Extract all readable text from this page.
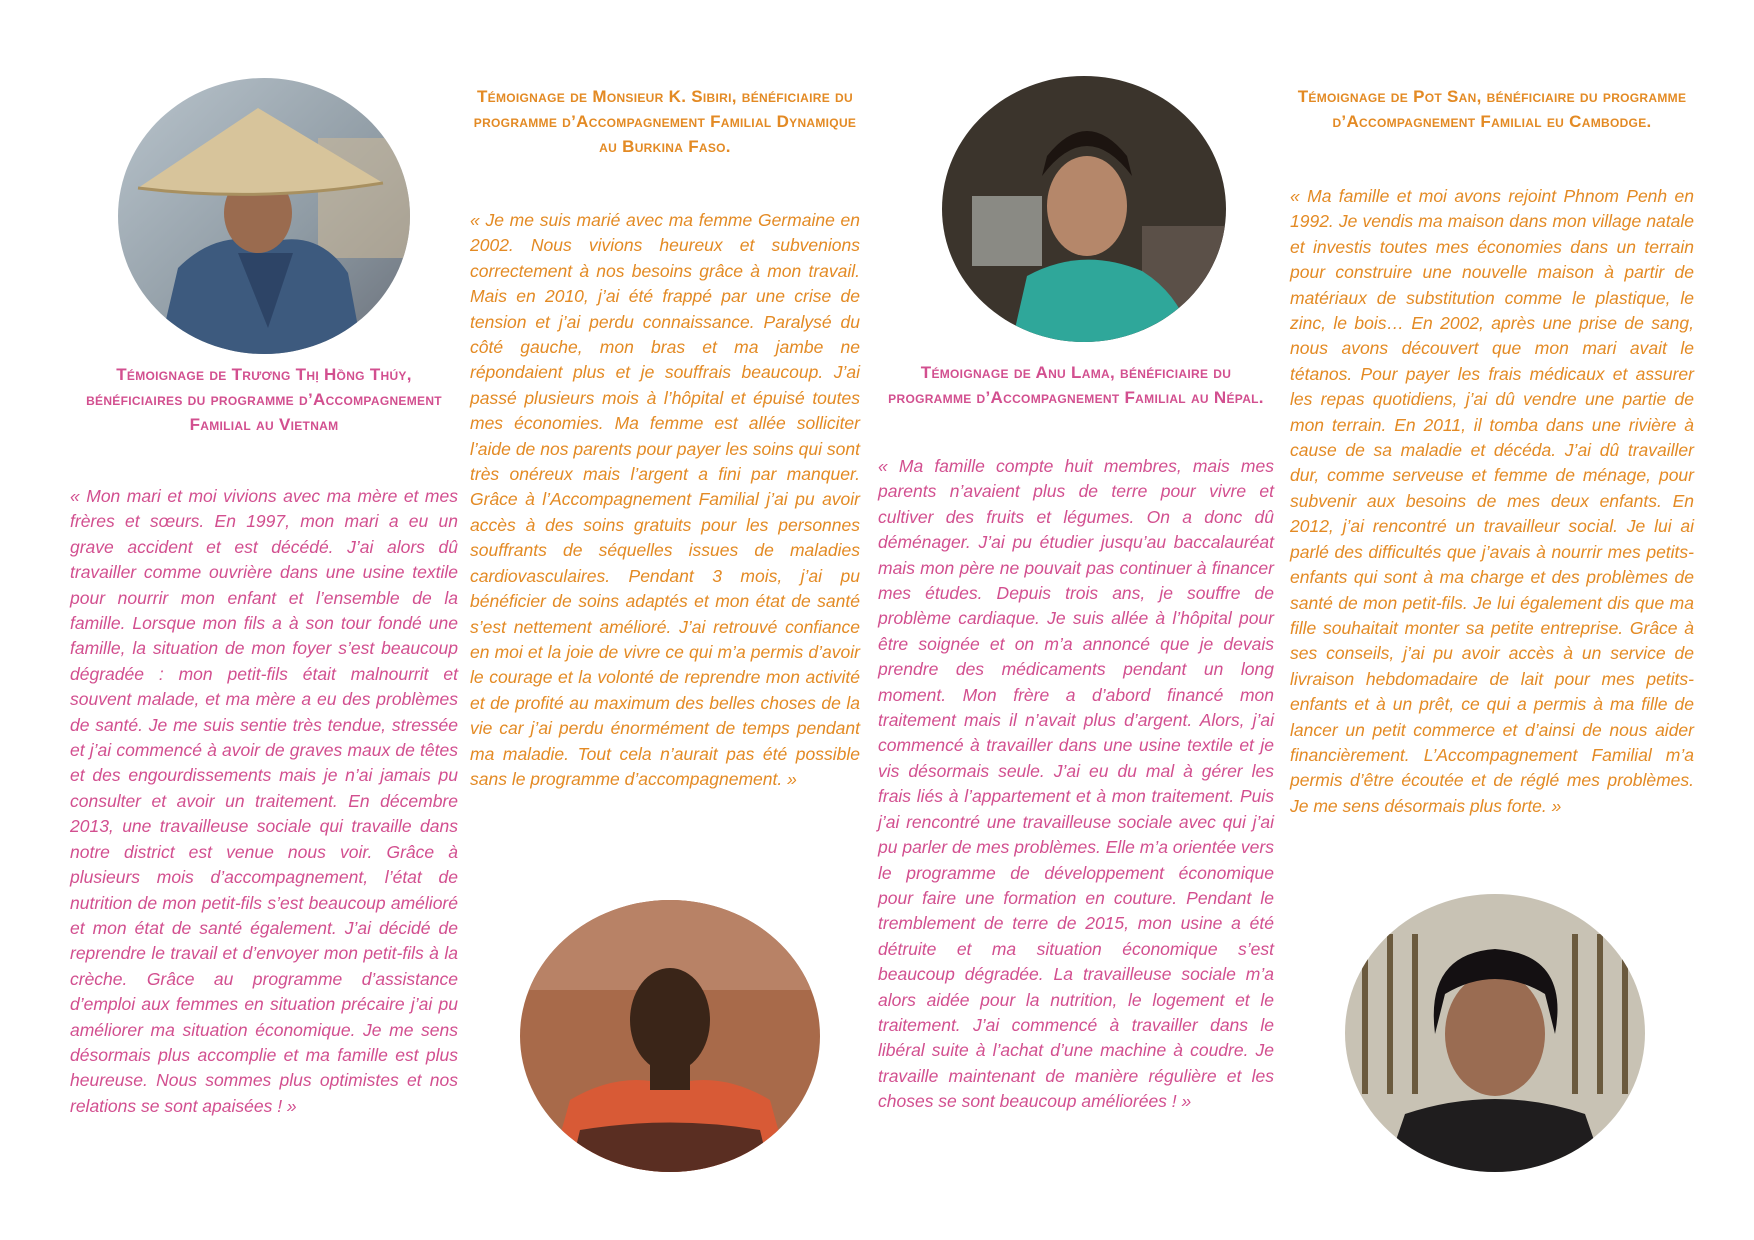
Témoignage de Trương Thị Hồng Thúy, bénéficiaires du programme d’Accompagnement Familial au Vietnam

« Mon mari et moi vivions avec ma mère et mes frères et sœurs. En 1997, mon mari a eu un grave accident et est décédé. J’ai alors dû travailler comme ouvrière dans une usine textile pour nourrir mon enfant et l’ensemble de la famille. Lorsque mon fils a à son tour fondé une famille, la situation de mon foyer s’est beaucoup dégradée : mon petit-fils était malnourrit et souvent malade, et ma mère a eu des problèmes de santé. Je me suis sentie très tendue, stressée et j’ai commencé à avoir de graves maux de têtes et des engourdissements mais je n’ai jamais pu consulter et avoir un traitement. En décembre 2013, une travailleuse sociale qui travaille dans notre district est venue nous voir. Grâce à plusieurs mois d’accompagnement, l’état de nutrition de mon petit-fils s’est beaucoup amélioré et mon état de santé également. J’ai décidé de reprendre le travail et d’envoyer mon petit-fils à la crèche. Grâce au programme d’assistance d’emploi aux femmes en situation précaire j’ai pu améliorer ma situation économique. Je me sens désormais plus accomplie et ma famille est plus heureuse. Nous sommes plus optimistes et nos relations se sont apaisées ! »

Témoignage de Monsieur K. Sibiri, bénéficiaire du programme d’Accompagnement Familial Dynamique au Burkina Faso.

« Je me suis marié avec ma femme Germaine en 2002. Nous vivions heureux et subvenions correctement à nos besoins grâce à mon travail. Mais en 2010, j’ai été frappé par une crise de tension et j’ai perdu connaissance. Paralysé du côté gauche, mon bras et ma jambe ne répondaient plus et je souffrais beaucoup. J’ai passé plusieurs mois à l’hôpital et épuisé toutes mes économies. Ma femme est allée solliciter l’aide de nos parents pour payer les soins qui sont très onéreux mais l’argent a fini par manquer. Grâce à l’Accompagnement Familial j’ai pu avoir accès à des soins gratuits pour les personnes souffrants de séquelles issues de maladies cardiovasculaires. Pendant 3 mois, j’ai pu bénéficier de soins adaptés et mon état de santé s’est nettement amélioré. J’ai retrouvé confiance en moi et la joie de vivre ce qui m’a permis d’avoir le courage et la volonté de reprendre mon activité et de profité au maximum des belles choses de la vie car j’ai perdu énormément de temps pendant ma maladie. Tout cela n’aurait pas été possible sans le programme d’accompagnement. »

Témoignage de Anu Lama, bénéficiaire du programme d’Accompagnement Familial au Népal.

« Ma famille compte huit membres, mais mes parents n’avaient plus de terre pour vivre et cultiver des fruits et légumes. On a donc dû déménager. J’ai pu étudier jusqu’au baccalauréat mais mon père ne pouvait pas continuer à financer mes études. Depuis trois ans, je souffre de problème cardiaque. Je suis allée à l’hôpital pour être soignée et on m’a annoncé que je devais prendre des médicaments pendant un long moment. Mon frère a d’abord financé mon traitement mais il n’avait plus d’argent. Alors, j’ai commencé à travailler dans une usine textile et je vis désormais seule. J’ai eu du mal à gérer les frais liés à l’appartement et à mon traitement. Puis j’ai rencontré une travailleuse sociale avec qui j’ai pu parler de mes problèmes. Elle m’a orientée vers le programme de développement économique pour faire une formation en couture. Pendant le tremblement de terre de 2015, mon usine a été détruite et ma situation économique s’est beaucoup dégradée. La travailleuse sociale m’a alors aidée pour la nutrition, le logement et le traitement. J’ai commencé à travailler dans le libéral suite à l’achat d’une machine à coudre. Je travaille maintenant de manière régulière et les choses se sont beaucoup améliorées ! »

Témoignage de Pot San, bénéficiaire du programme d’Accompagnement Familial eu Cambodge.

« Ma famille et moi avons rejoint Phnom Penh en 1992. Je vendis ma maison dans mon village natale et investis toutes mes économies dans un terrain pour construire une nouvelle maison à partir de matériaux de substitution comme le plastique, le zinc, le bois… En 2002, après une prise de sang, nous avons découvert que mon mari avait le tétanos. Pour payer les frais médicaux et assurer les repas quotidiens, j’ai dû vendre une partie de mon terrain. En 2011, il tomba dans une rivière à cause de sa maladie et décéda. J’ai dû travailler dur, comme serveuse et femme de ménage, pour subvenir aux besoins de mes deux enfants. En 2012, j’ai rencontré un travailleur social. Je lui ai parlé des difficultés que j’avais à nourrir mes petits-enfants qui sont à ma charge et des problèmes de santé de mon petit-fils. Je lui également dis que ma fille souhaitait monter sa petite entreprise. Grâce à ses conseils, j’ai pu avoir accès à un service de livraison hebdomadaire de lait pour mes petits-enfants et à un prêt, ce qui a permis à ma fille de lancer un petit commerce et d’ainsi de nous aider financièrement. L’Accompagnement Familial m’a permis d’être écoutée et de réglé mes problèmes. Je me sens désormais plus forte. »
